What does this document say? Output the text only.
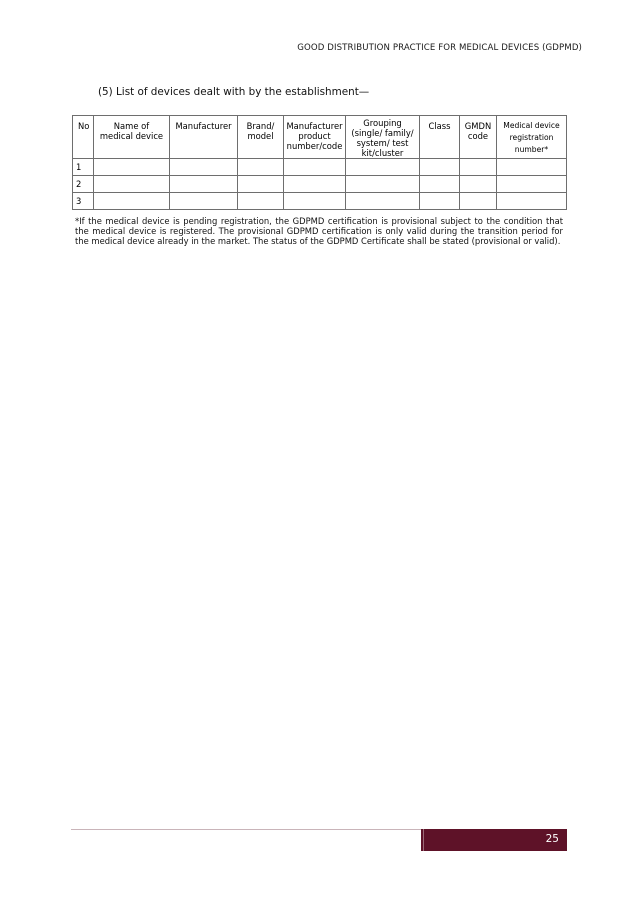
GOOD DISTRIBUTION PRACTICE FOR MEDICAL DEVICES (GDPMD)
(5) List of devices dealt with by the establishment—
No	Name of medical device	Manufacturer	Brand/ model	Manufacturer product number/code	Grouping (single/ family/ system/ test kit/cluster	Class	GMDN code	Medical device registration number*
1								
2								
3								
*If the medical device is pending registration, the GDPMD certification is provisional subject to the condition that the medical device is registered. The provisional GDPMD certification is only valid during the transition period for the medical device already in the market. The status of the GDPMD Certificate shall be stated (provisional or valid).
25
